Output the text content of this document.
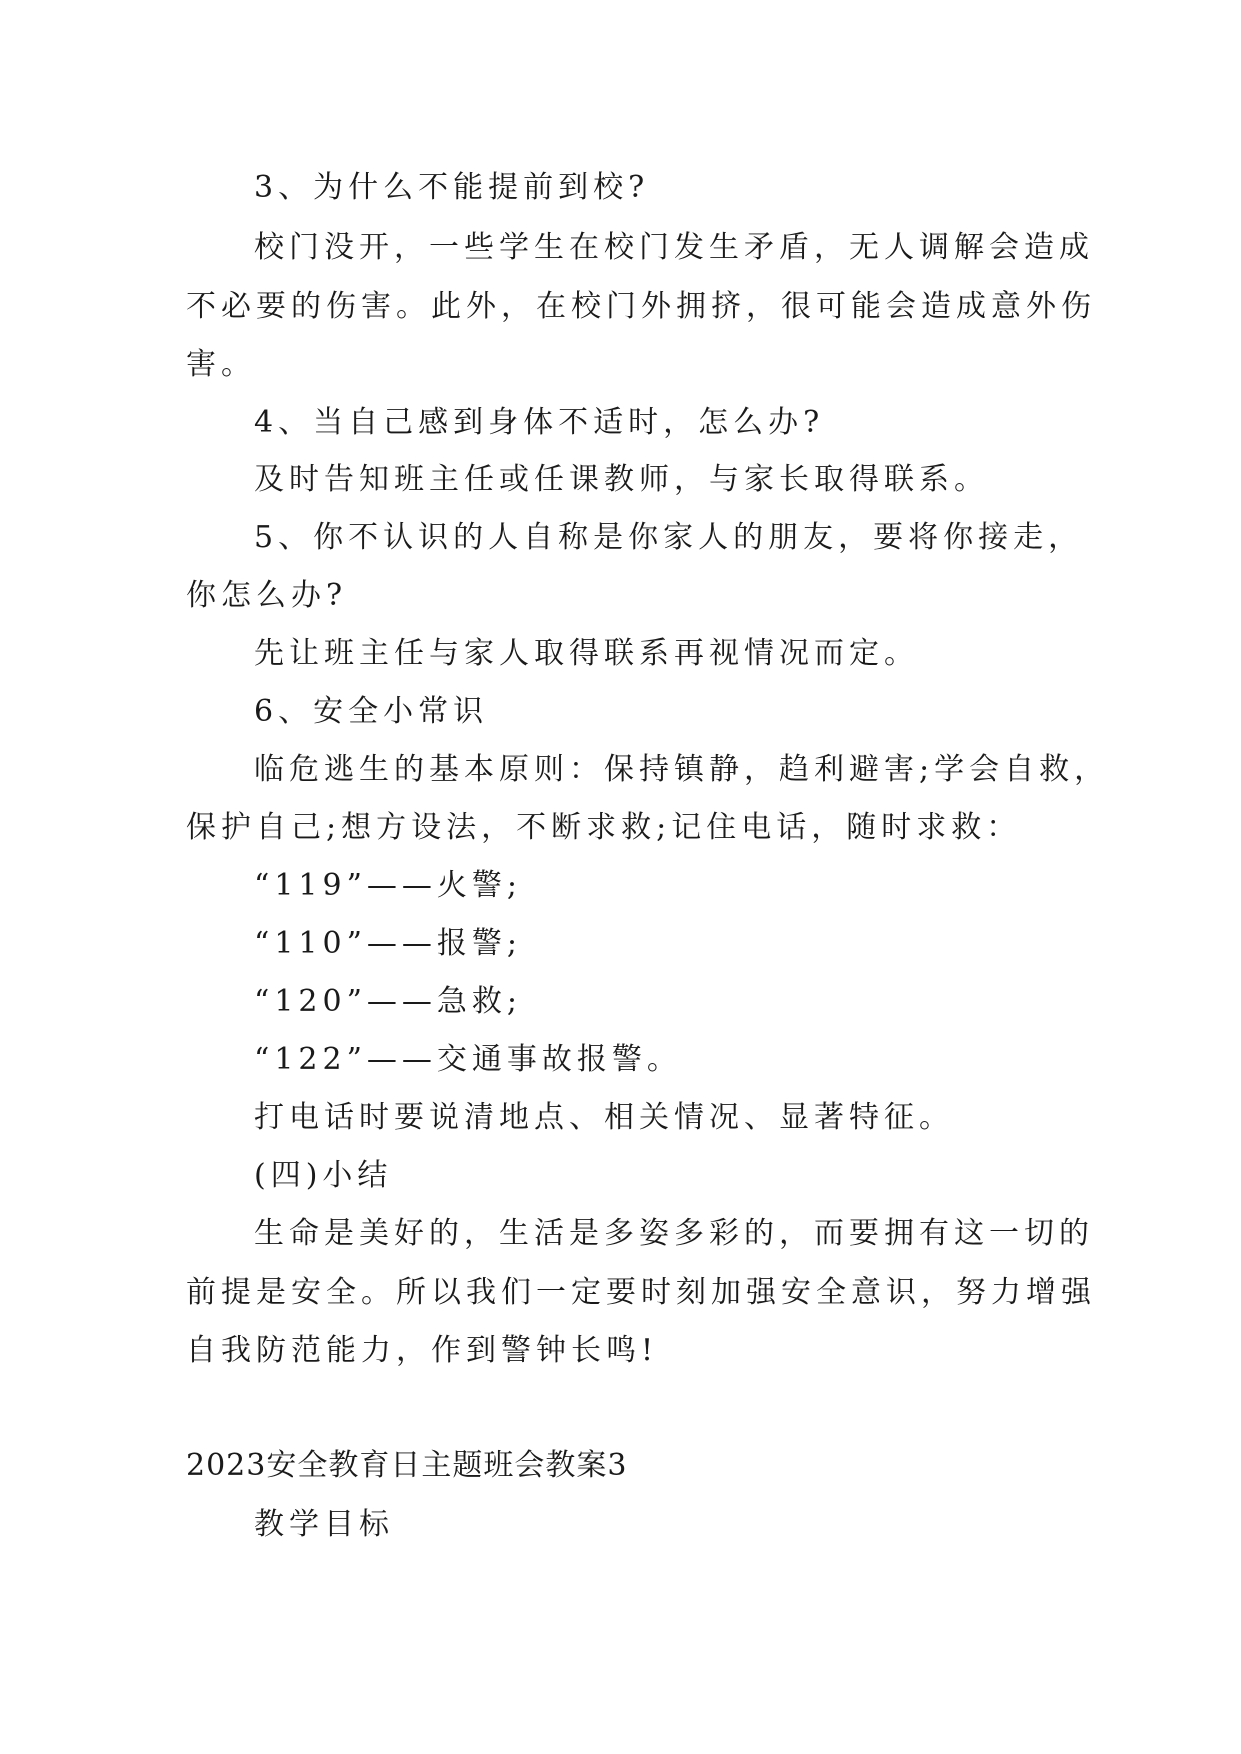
3、为什么不能提前到校?
校门没开，一些学生在校门发生矛盾，无人调解会造成
不必要的伤害。此外，在校门外拥挤，很可能会造成意外伤
害。
4、当自己感到身体不适时，怎么办?
及时告知班主任或任课教师，与家长取得联系。
5、你不认识的人自称是你家人的朋友，要将你接走，
你怎么办?
先让班主任与家人取得联系再视情况而定。
6、安全小常识
临危逃生的基本原则：保持镇静，趋利避害;学会自救，
保护自己;想方设法，不断求救;记住电话，随时求救：
“119”——火警;
“110”——报警;
“120”——急救;
“122”——交通事故报警。
打电话时要说清地点、相关情况、显著特征。
(四)小结
生命是美好的，生活是多姿多彩的，而要拥有这一切的
前提是安全。所以我们一定要时刻加强安全意识，努力增强
自我防范能力，作到警钟长鸣!
2023安全教育日主题班会教案3
教学目标
